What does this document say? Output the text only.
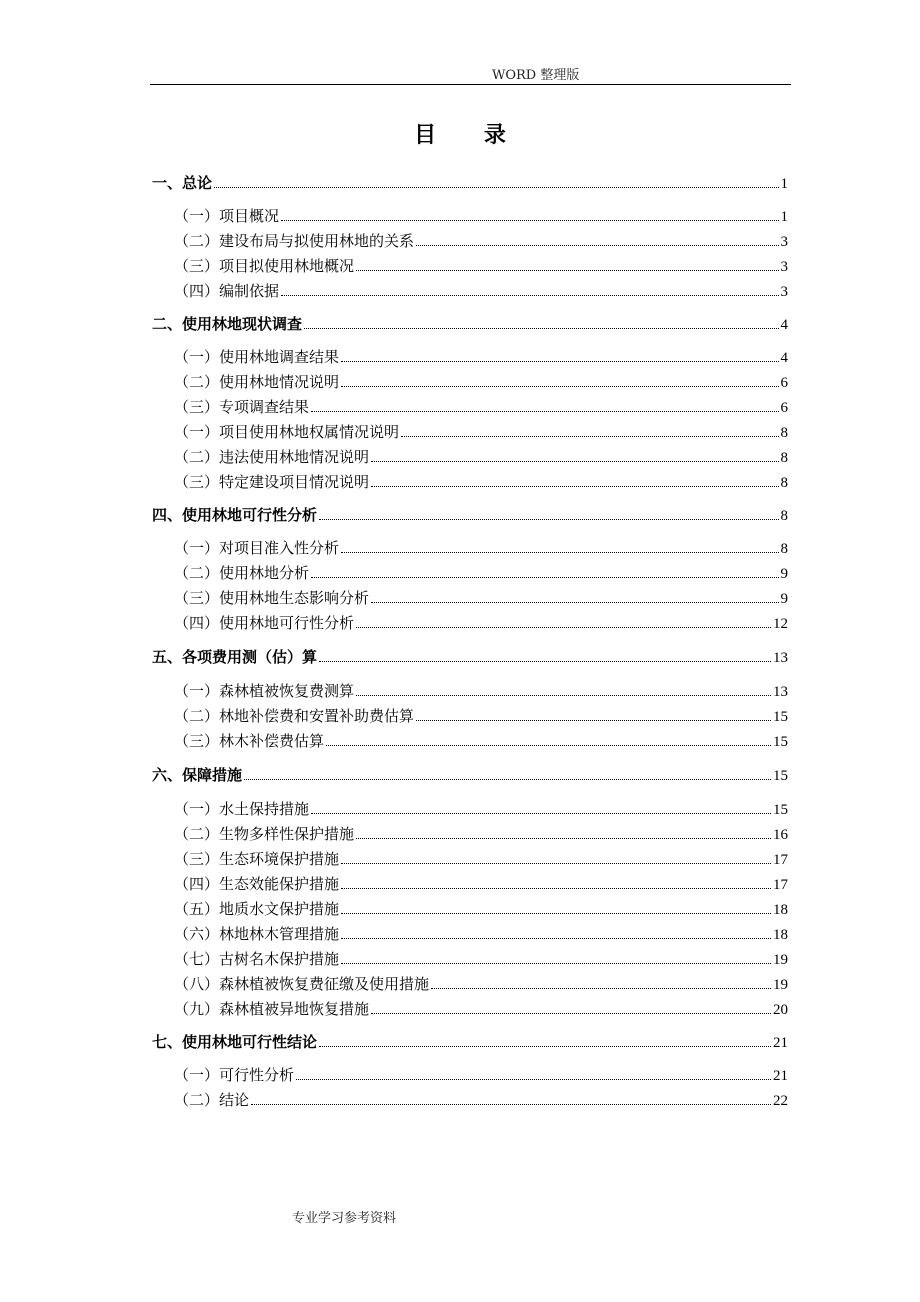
WORD 整理版
目 录
一、总论	1
（一）项目概况	1
（二）建设布局与拟使用林地的关系	3
（三）项目拟使用林地概况	3
（四）编制依据	3
二、使用林地现状调查	4
（一）使用林地调查结果	4
（二）使用林地情况说明	6
（三）专项调查结果	6
（一）项目使用林地权属情况说明	8
（二）违法使用林地情况说明	8
（三）特定建设项目情况说明	8
四、使用林地可行性分析	8
（一）对项目准入性分析	8
（二）使用林地分析	9
（三）使用林地生态影响分析	9
（四）使用林地可行性分析	12
五、各项费用测（估）算	13
（一）森林植被恢复费测算	13
（二）林地补偿费和安置补助费估算	15
（三）林木补偿费估算	15
六、保障措施	15
（一）水土保持措施	15
（二）生物多样性保护措施	16
（三）生态环境保护措施	17
（四）生态效能保护措施	17
（五）地质水文保护措施	18
（六）林地林木管理措施	18
（七）古树名木保护措施	19
（八）森林植被恢复费征缴及使用措施	19
（九）森林植被异地恢复措施	20
七、使用林地可行性结论	21
（一）可行性分析	21
（二）结论	22
专业学习参考资料
